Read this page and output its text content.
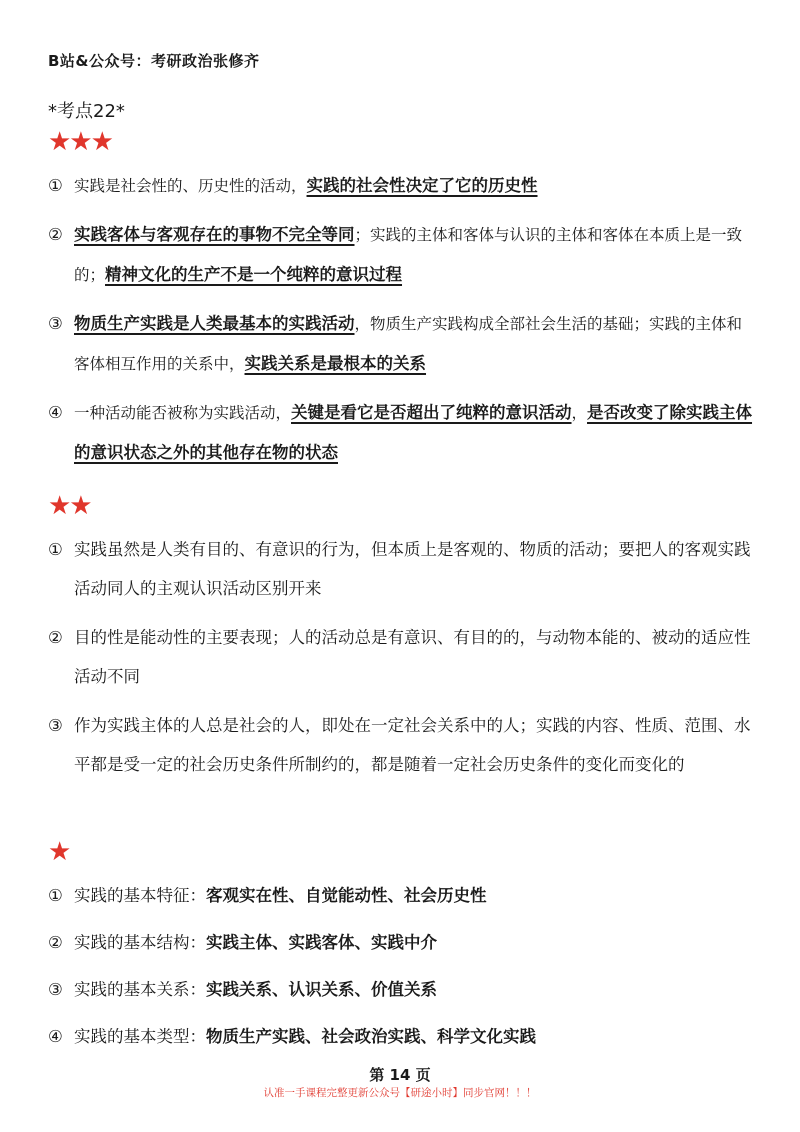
B站&公众号：考研政治张修齐
*考点22*
★★★
① 实践是社会性的、历史性的活动，实践的社会性决定了它的历史性
② 实践客体与客观存在的事物不完全等同；实践的主体和客体与认识的主体和客体在本质上是一致的；精神文化的生产不是一个纯粹的意识过程
③ 物质生产实践是人类最基本的实践活动，物质生产实践构成全部社会生活的基础；实践的主体和客体相互作用的关系中，实践关系是最根本的关系
④ 一种活动能否被称为实践活动，关键是看它是否超出了纯粹的意识活动，是否改变了除实践主体的意识状态之外的其他存在物的状态
★★
① 实践虽然是人类有目的、有意识的行为，但本质上是客观的、物质的活动；要把人的客观实践活动同人的主观认识活动区别开来
② 目的性是能动性的主要表现；人的活动总是有意识、有目的的，与动物本能的、被动的适应性活动不同
③ 作为实践主体的人总是社会的人，即处在一定社会关系中的人；实践的内容、性质、范围、水平都是受一定的社会历史条件所制约的，都是随着一定社会历史条件的变化而变化的
★
① 实践的基本特征：客观实在性、自觉能动性、社会历史性
② 实践的基本结构：实践主体、实践客体、实践中介
③ 实践的基本关系：实践关系、认识关系、价值关系
④ 实践的基本类型：物质生产实践、社会政治实践、科学文化实践
第 14 页
认准一手课程完整更新公众号【研途小时】同步官网！！！
